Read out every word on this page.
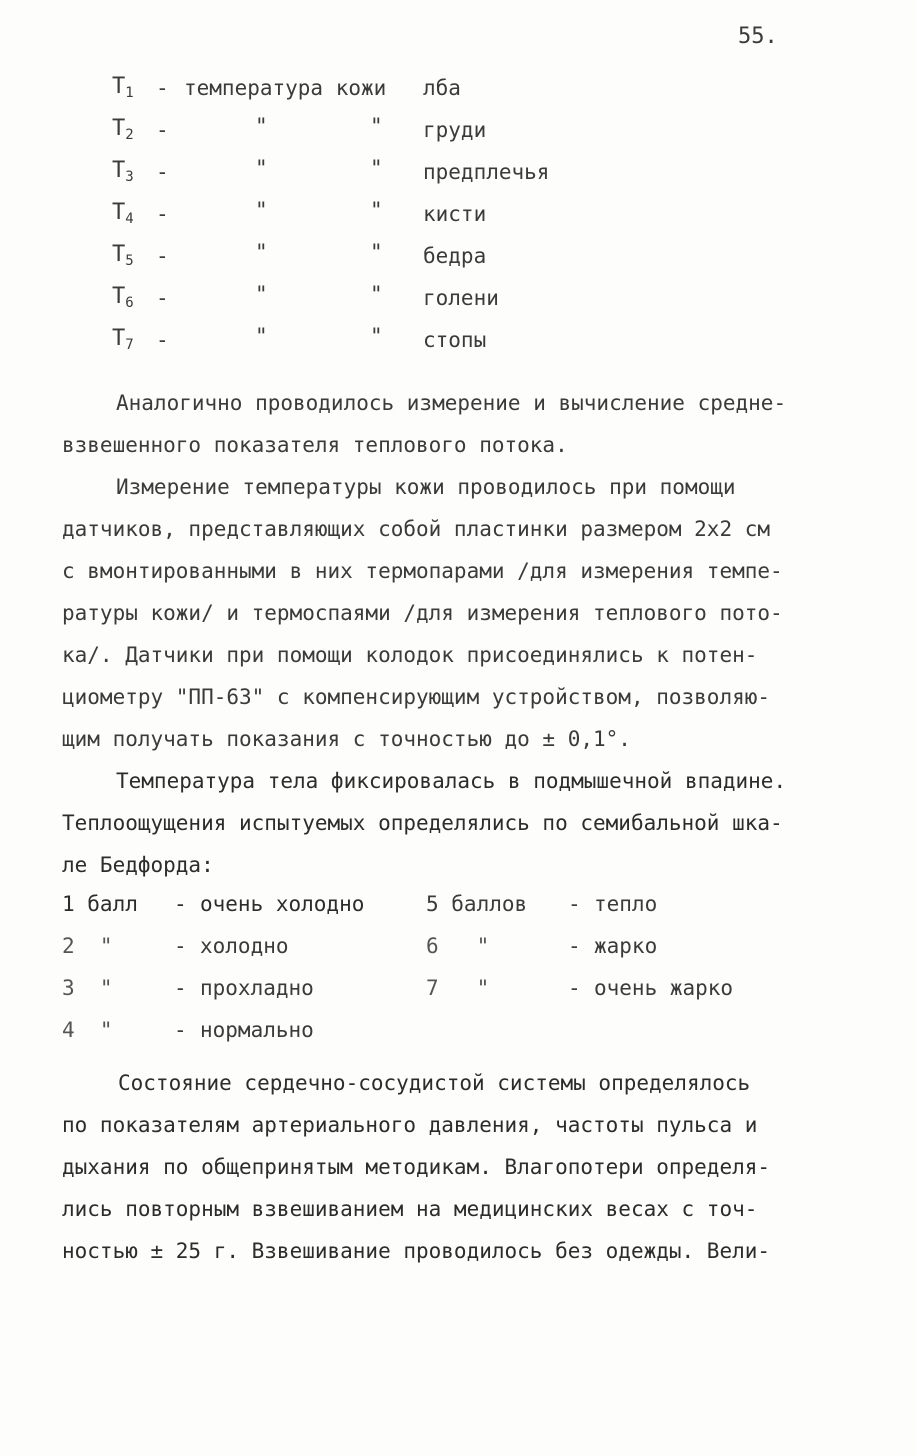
55.
$T_1$ - температура кожи лба
$T_2$ -	"	" груди
$T_3$ -	"	" предплечья
$T_4$ -	"	" кисти
$T_5$ -	"	" бедра
$T_6$ -	"	" голени
$T_7$ -	"	" стопы
Аналогично проводилось измерение и вычисление средне-
взвешенного показателя теплового потока.
Измерение температуры кожи проводилось при помощи
датчиков, представляющих собой пластинки размером 2x2 см
с вмонтированными в них термопарами /для измерения темпе-
ратуры кожи/ и термоспаями /для измерения теплового пото-
ка/. Датчики при помощи колодок присоединялись к потен-
циометру "ПП-63" с компенсирующим устройством, позволяю-
щим получать показания с точностью до ± 0,1°.
Температура тела фиксировалась в подмышечной впадине.
Теплоощущения испытуемых определялись по семибальной шка-
ле Бедфорда:
1 балл - очень холодно
2  "	- холодно
3  "	- прохладно
4  "	- нормально
5 баллов - тепло
6   "	- жарко
7   "	- очень жарко
Состояние сердечно-сосудистой системы определялось
по показателям артериального давления, частоты пульса и
дыхания по общепринятым методикам. Влагопотери определя-
лись повторным взвешиванием на медицинских весах с точ-
ностью ± 25 г. Взвешивание проводилось без одежды. Вели-
